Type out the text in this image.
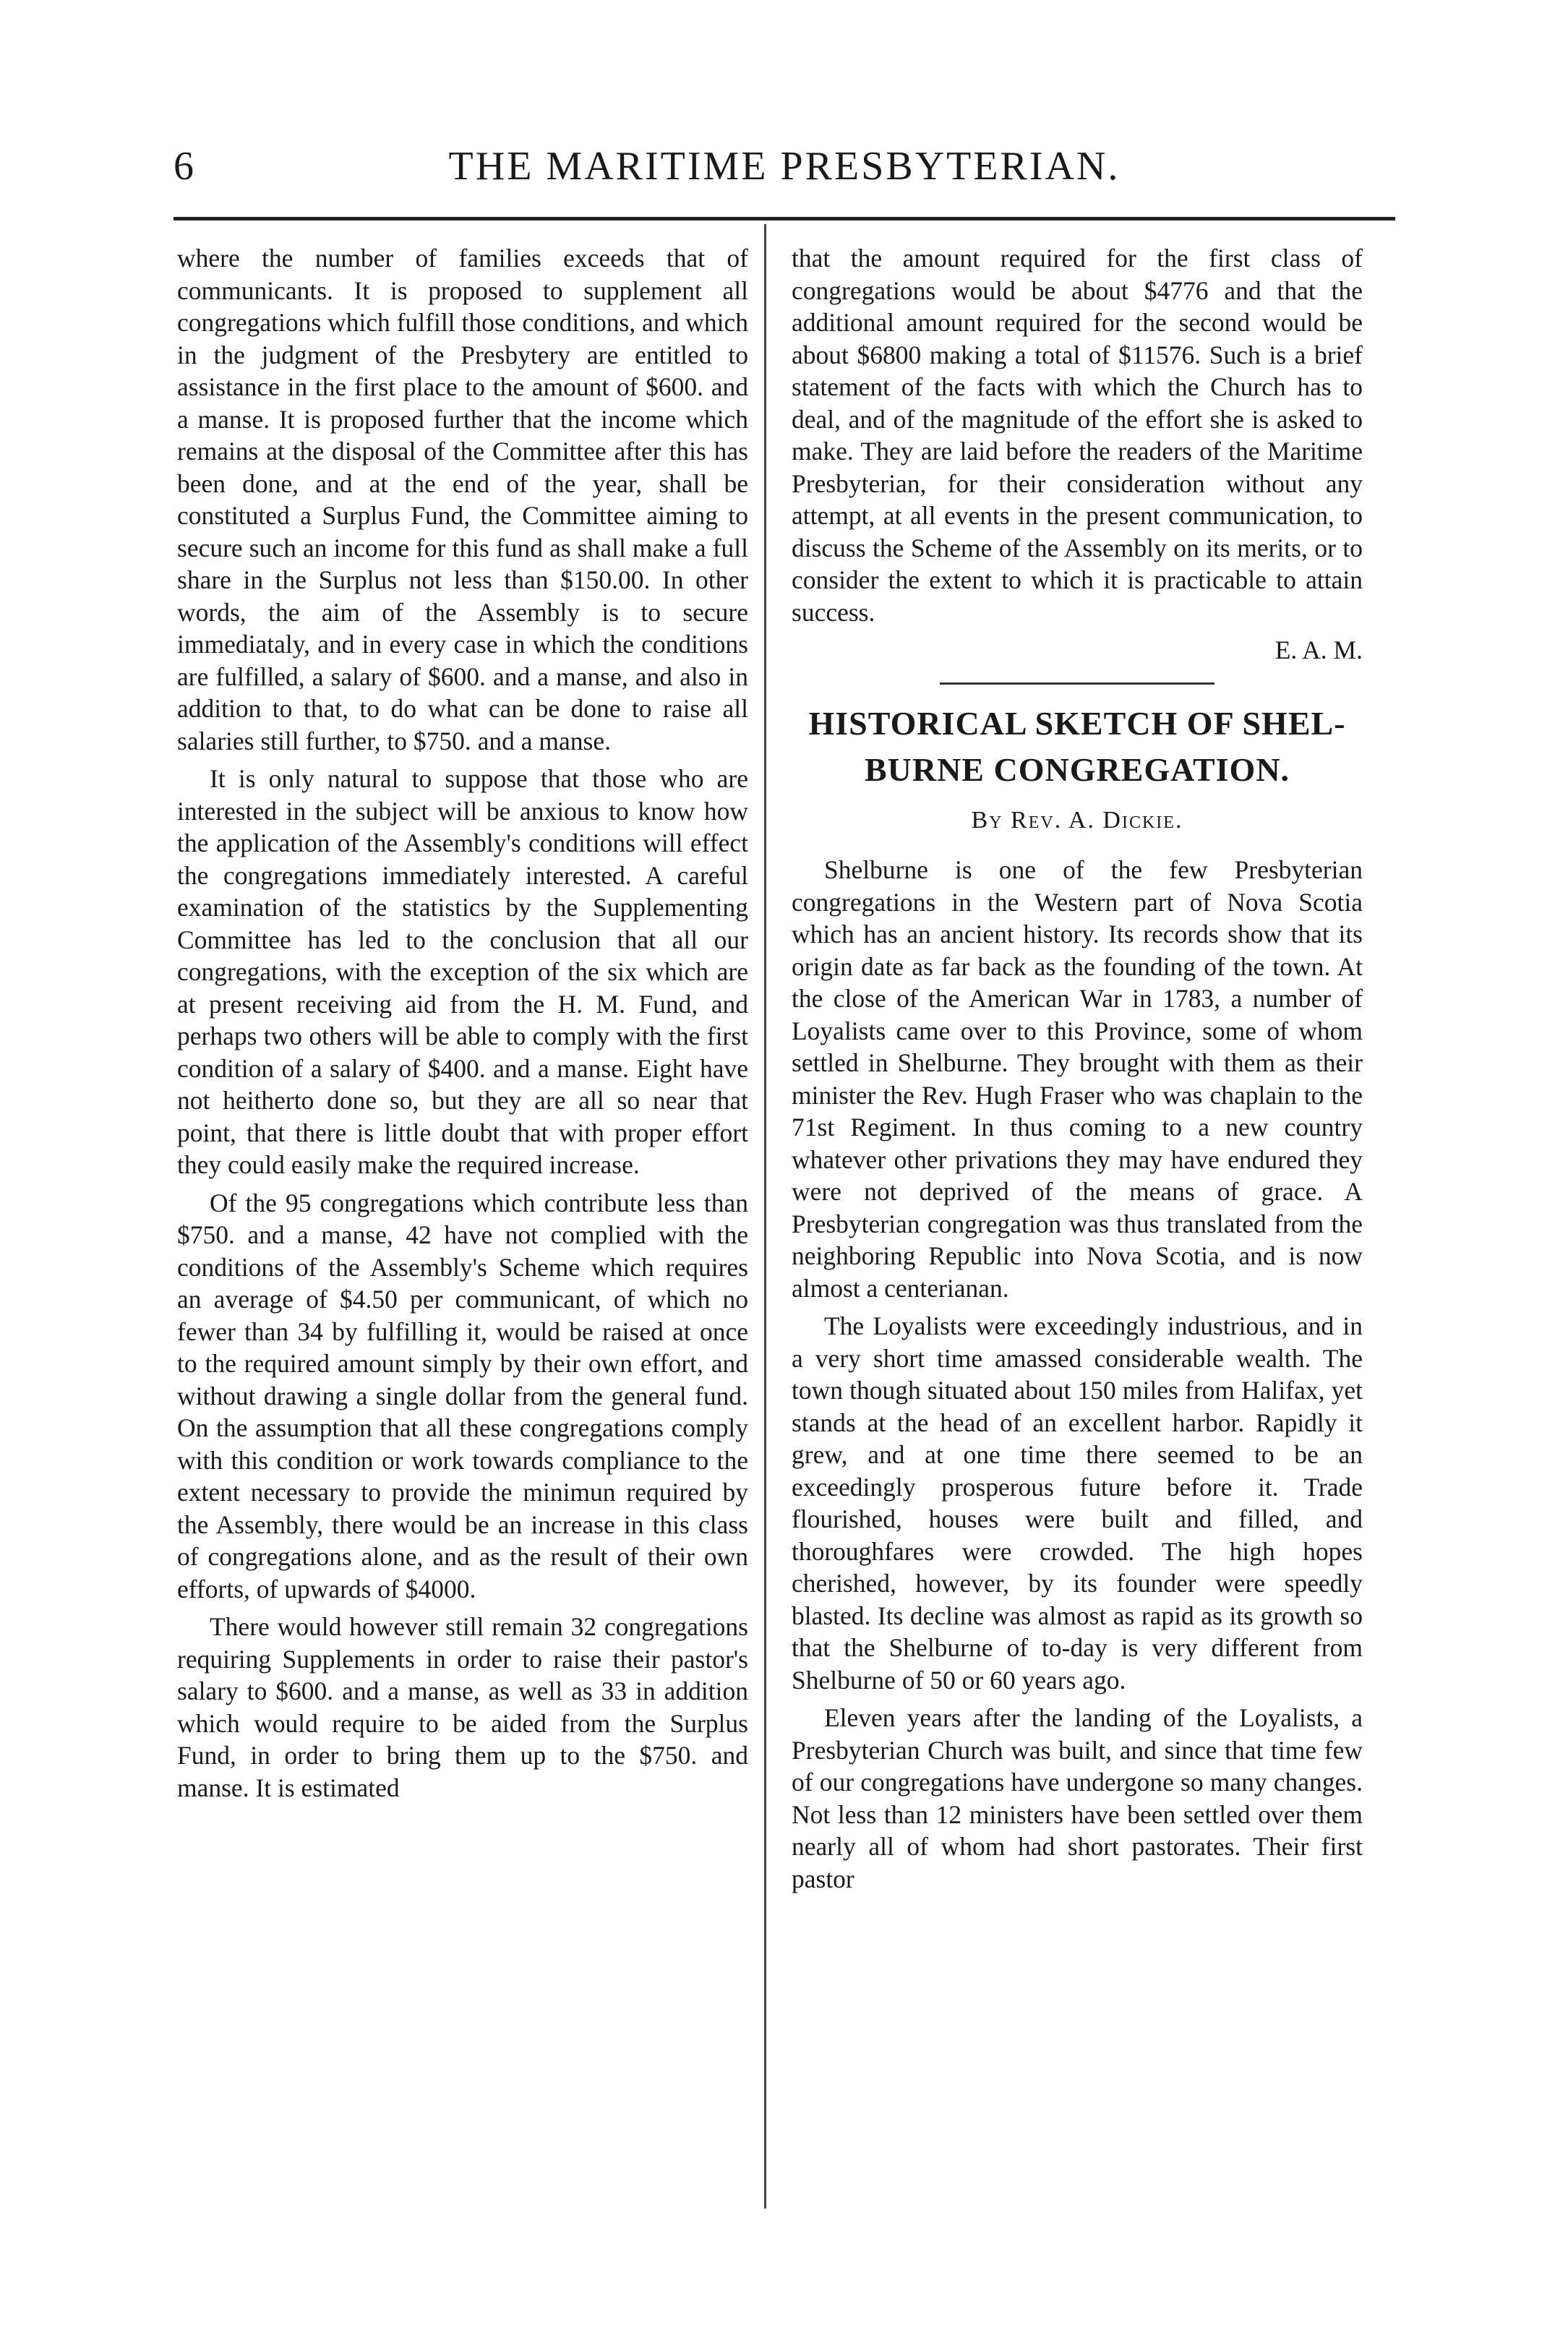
6	THE MARITIME PRESBYTERIAN.

where the number of families exceeds that of communicants. It is proposed to supplement all congregations which fulfill those conditions, and which in the judgment of the Presbytery are entitled to assistance in the first place to the amount of $600. and a manse. It is proposed further that the income which remains at the disposal of the Committee after this has been done, and at the end of the year, shall be constituted a Surplus Fund, the Committee aiming to secure such an income for this fund as shall make a full share in the Surplus not less than $150.00. In other words, the aim of the Assembly is to secure immediataly, and in every case in which the conditions are fulfilled, a salary of $600. and a manse, and also in addition to that, to do what can be done to raise all salaries still further, to $750. and a manse.

It is only natural to suppose that those who are interested in the subject will be anxious to know how the application of the Assembly's conditions will effect the congregations immediately interested. A careful examination of the statistics by the Supplementing Committee has led to the conclusion that all our congregations, with the exception of the six which are at present receiving aid from the H. M. Fund, and perhaps two others will be able to comply with the first condition of a salary of $400. and a manse. Eight have not heitherto done so, but they are all so near that point, that there is little doubt that with proper effort they could easily make the required increase.

Of the 95 congregations which contribute less than $750. and a manse, 42 have not complied with the conditions of the Assembly's Scheme which requires an average of $4.50 per communicant, of which no fewer than 34 by fulfilling it, would be raised at once to the required amount simply by their own effort, and without drawing a single dollar from the general fund. On the assumption that all these congregations comply with this condition or work towards compliance to the extent necessary to provide the minimun required by the Assembly, there would be an increase in this class of congregations alone, and as the result of their own efforts, of upwards of $4000.

There would however still remain 32 congregations requiring Supplements in order to raise their pastor's salary to $600. and a manse, as well as 33 in addition which would require to be aided from the Surplus Fund, in order to bring them up to the $750. and manse. It is estimated

that the amount required for the first class of congregations would be about $4776 and that the additional amount required for the second would be about $6800 making a total of $11576. Such is a brief statement of the facts with which the Church has to deal, and of the magnitude of the effort she is asked to make. They are laid before the readers of the Maritime Presbyterian, for their consideration without any attempt, at all events in the present communication, to discuss the Scheme of the Assembly on its merits, or to consider the extent to which it is practicable to attain success.

E. A. M.

HISTORICAL SKETCH OF SHEL-
BURNE CONGREGATION.
By Rev. A. Dickie.

Shelburne is one of the few Presbyterian congregations in the Western part of Nova Scotia which has an ancient history. Its records show that its origin date as far back as the founding of the town. At the close of the American War in 1783, a number of Loyalists came over to this Province, some of whom settled in Shelburne. They brought with them as their minister the Rev. Hugh Fraser who was chaplain to the 71st Regiment. In thus coming to a new country whatever other privations they may have endured they were not deprived of the means of grace. A Presbyterian congregation was thus translated from the neighboring Republic into Nova Scotia, and is now almost a centerianan.

The Loyalists were exceedingly industrious, and in a very short time amassed considerable wealth. The town though situated about 150 miles from Halifax, yet stands at the head of an excellent harbor. Rapidly it grew, and at one time there seemed to be an exceedingly prosperous future before it. Trade flourished, houses were built and filled, and thoroughfares were crowded. The high hopes cherished, however, by its founder were speedly blasted. Its decline was almost as rapid as its growth so that the Shelburne of to-day is very different from Shelburne of 50 or 60 years ago.

Eleven years after the landing of the Loyalists, a Presbyterian Church was built, and since that time few of our congregations have undergone so many changes. Not less than 12 ministers have been settled over them nearly all of whom had short pastorates. Their first pastor
